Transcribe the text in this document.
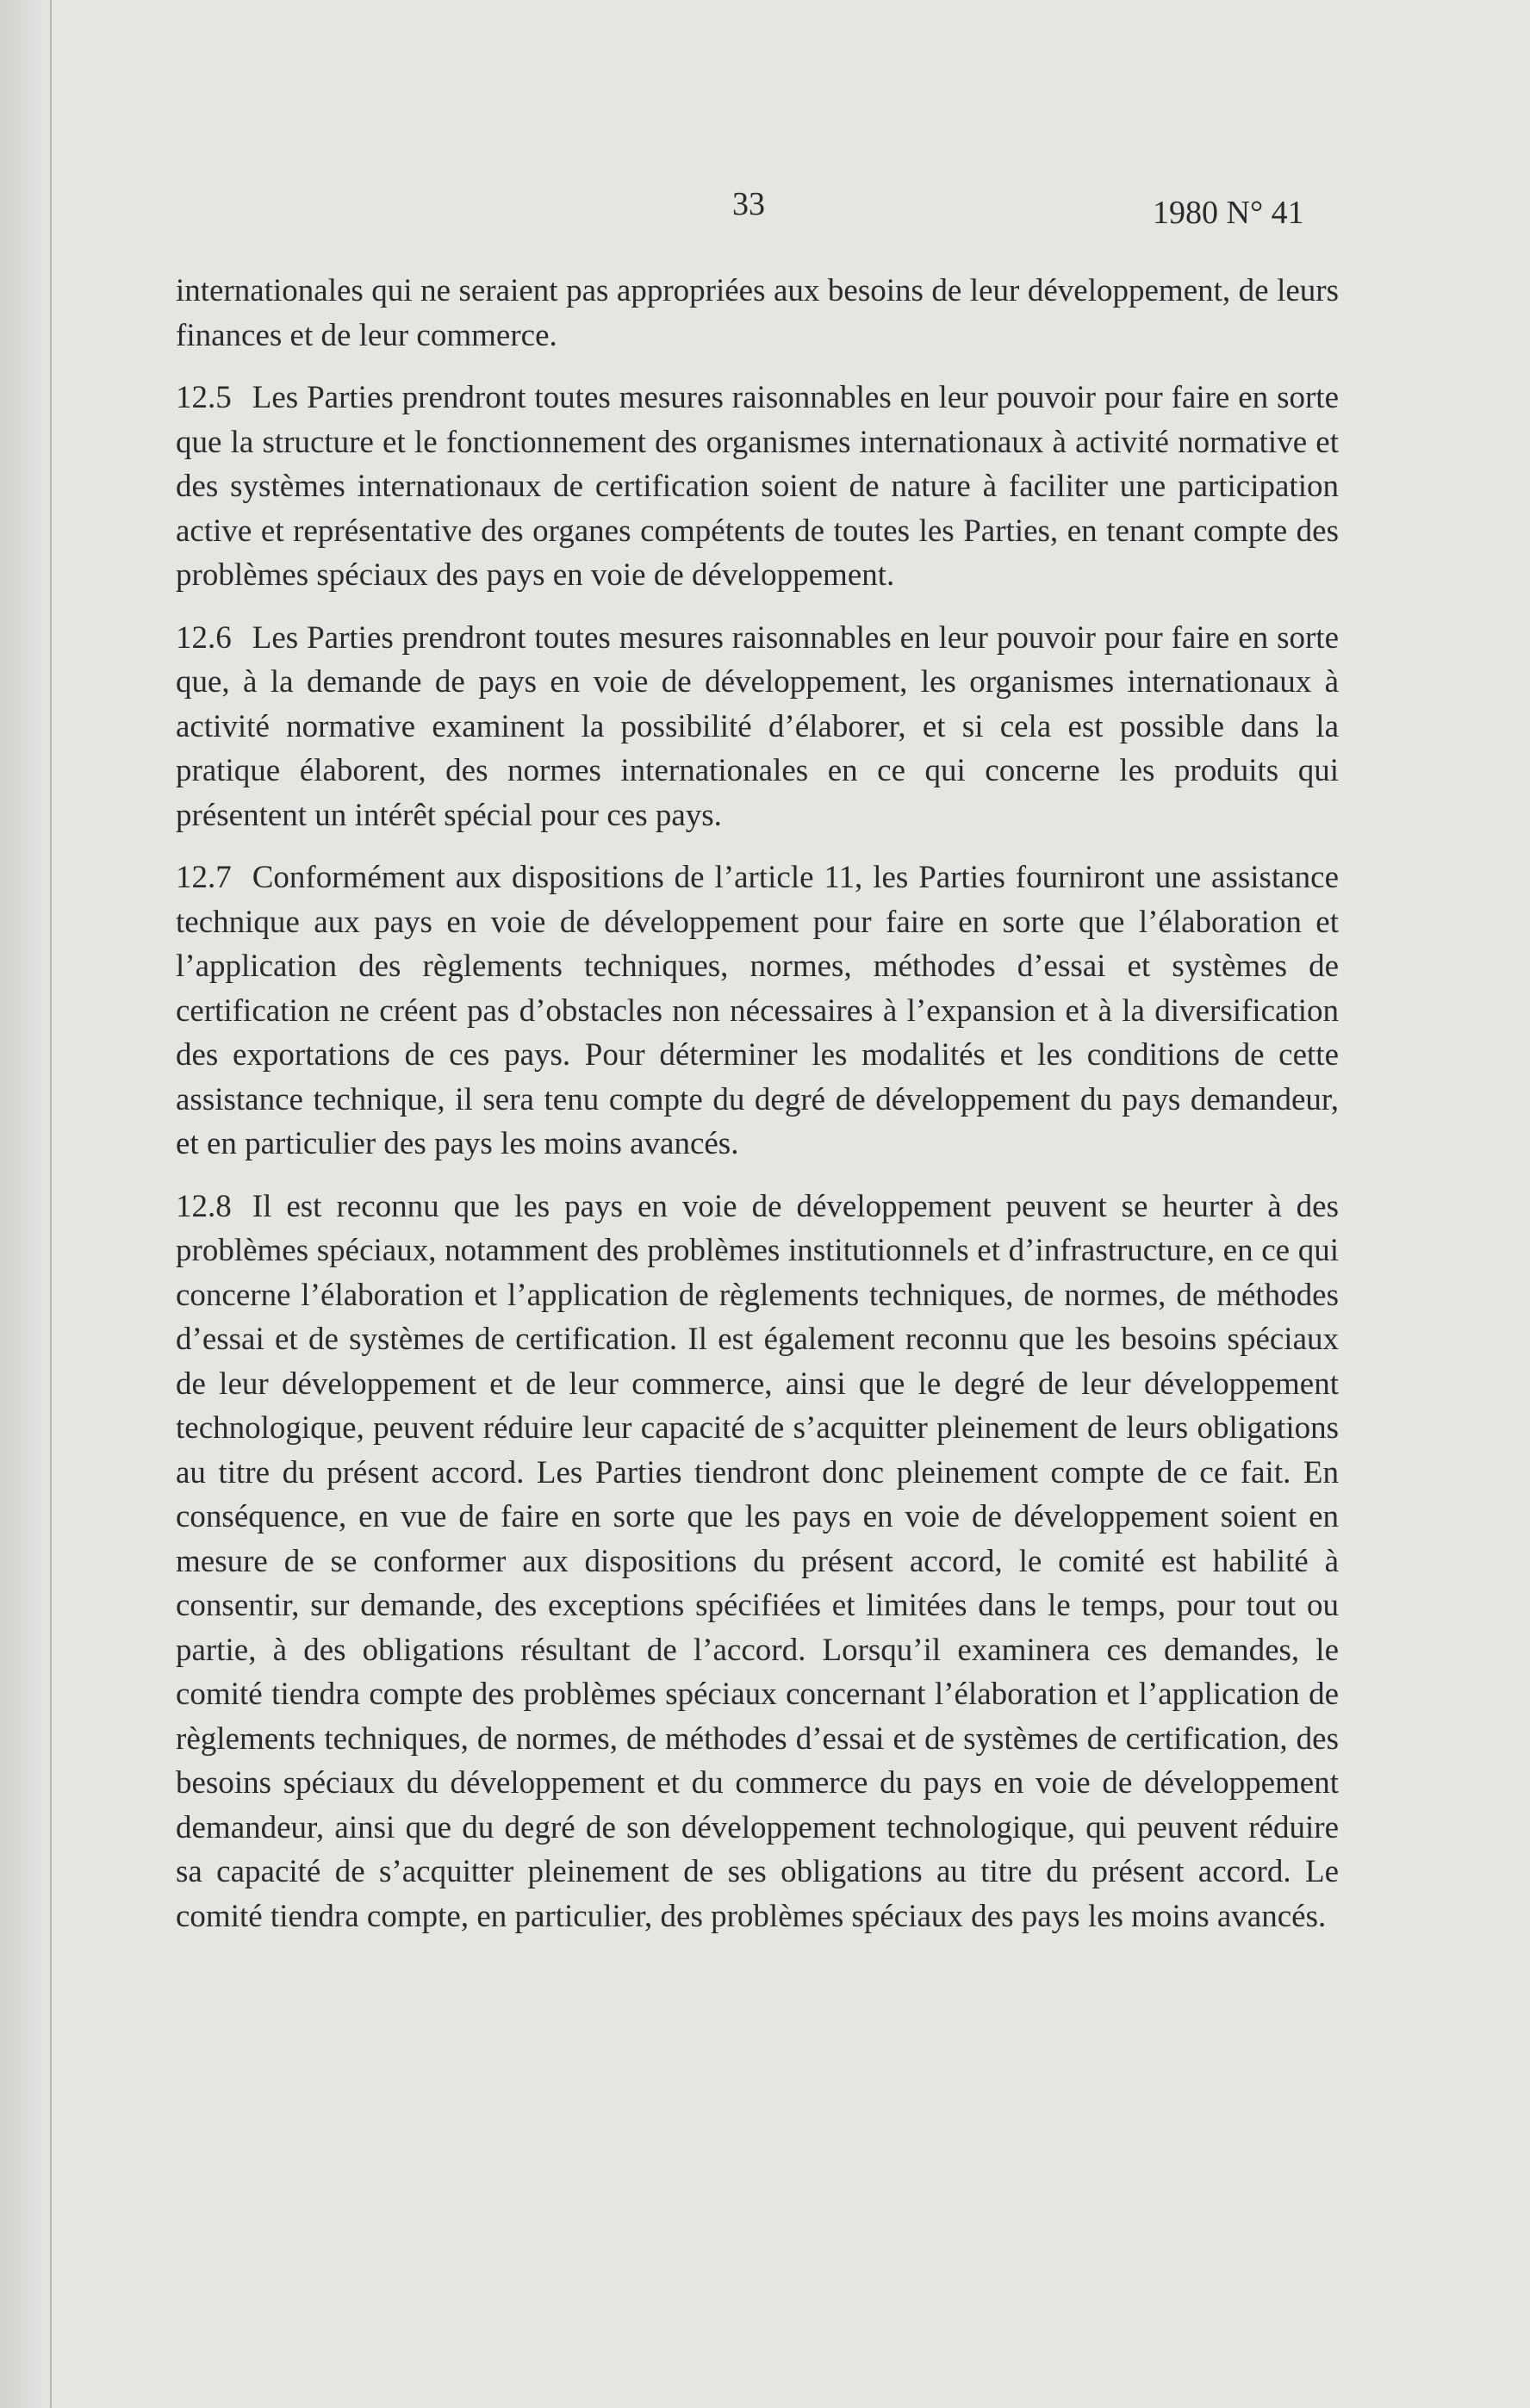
33	1980 N° 41

internationales qui ne seraient pas appropriées aux besoins de leur développement, de leurs finances et de leur commerce.

12.5 Les Parties prendront toutes mesures raisonnables en leur pouvoir pour faire en sorte que la structure et le fonctionnement des organismes internationaux à activité normative et des systèmes internationaux de certification soient de nature à faciliter une participation active et représentative des organes compétents de toutes les Parties, en tenant compte des problèmes spéciaux des pays en voie de développement.

12.6 Les Parties prendront toutes mesures raisonnables en leur pouvoir pour faire en sorte que, à la demande de pays en voie de développement, les organismes internationaux à activité normative examinent la possibilité d’élaborer, et si cela est possible dans la pratique élaborent, des normes internationales en ce qui concerne les produits qui présentent un intérêt spécial pour ces pays.

12.7 Conformément aux dispositions de l’article 11, les Parties fourniront une assistance technique aux pays en voie de développement pour faire en sorte que l’élaboration et l’application des règlements techniques, normes, méthodes d’essai et systèmes de certification ne créent pas d’obstacles non nécessaires à l’expansion et à la diversification des exportations de ces pays. Pour déterminer les modalités et les conditions de cette assistance technique, il sera tenu compte du degré de développement du pays demandeur, et en particulier des pays les moins avancés.

12.8 Il est reconnu que les pays en voie de développement peuvent se heurter à des problèmes spéciaux, notamment des problèmes institutionnels et d’infrastructure, en ce qui concerne l’élaboration et l’application de règlements techniques, de normes, de méthodes d’essai et de systèmes de certification. Il est également reconnu que les besoins spéciaux de leur développement et de leur commerce, ainsi que le degré de leur développement technologique, peuvent réduire leur capacité de s’acquitter pleinement de leurs obligations au titre du présent accord. Les Parties tiendront donc pleinement compte de ce fait. En conséquence, en vue de faire en sorte que les pays en voie de développement soient en mesure de se conformer aux dispositions du présent accord, le comité est habilité à consentir, sur demande, des exceptions spécifiées et limitées dans le temps, pour tout ou partie, à des obligations résultant de l’accord. Lorsqu’il examinera ces demandes, le comité tiendra compte des problèmes spéciaux concernant l’élaboration et l’application de règlements techniques, de normes, de méthodes d’essai et de systèmes de certification, des besoins spéciaux du développement et du commerce du pays en voie de développement demandeur, ainsi que du degré de son développement technologique, qui peuvent réduire sa capacité de s’acquitter pleinement de ses obligations au titre du présent accord. Le comité tiendra compte, en particulier, des problèmes spéciaux des pays les moins avancés.
